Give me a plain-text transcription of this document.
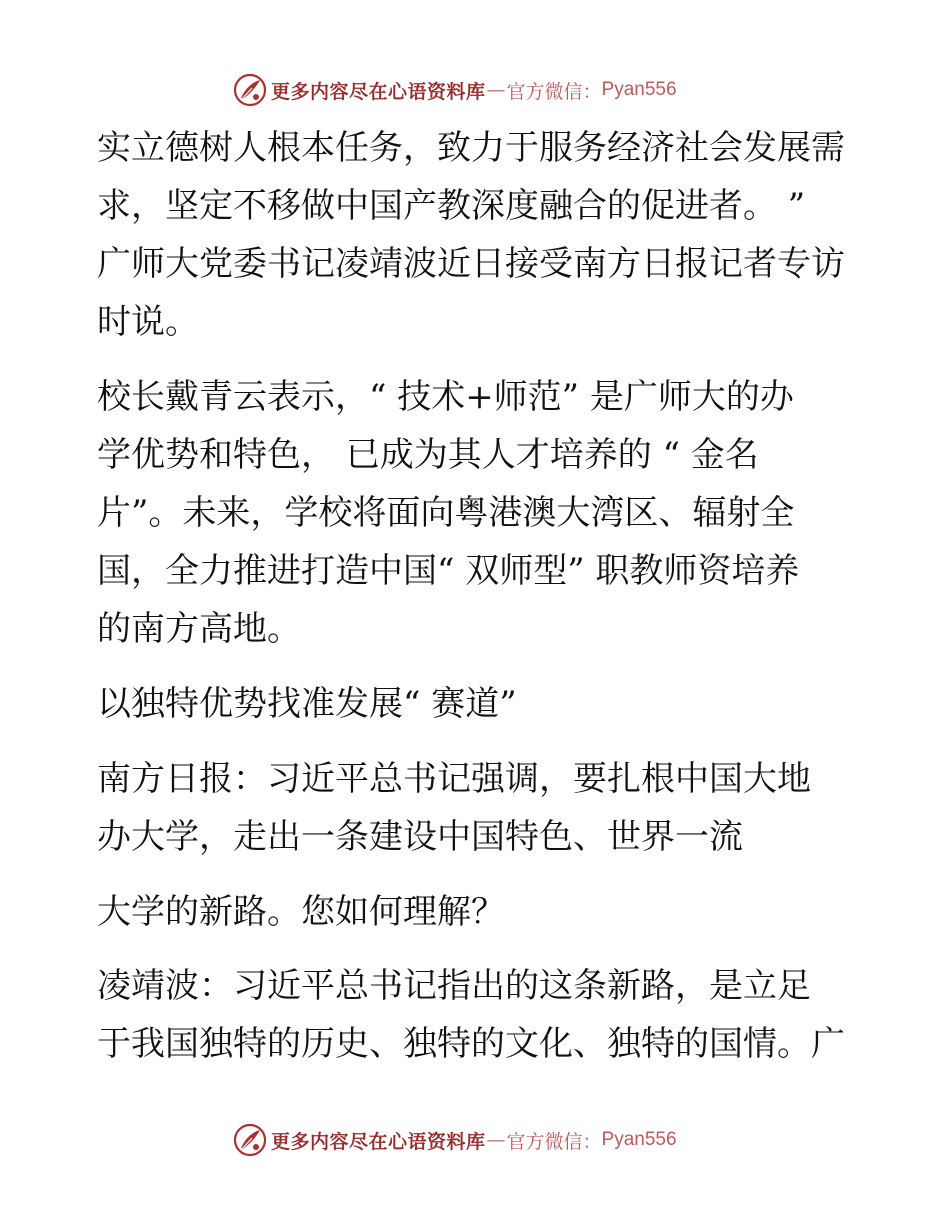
更多内容尽在心语资料库 — 官方微信： Pyan556
实立德树人根本任务，致力于服务经济社会发展需
求，坚定不移做中国产教深度融合的促进者。 ”
广师大党委书记凌靖波近日接受南方日报记者专访
时说。
校长戴青云表示，“ 技术+师范” 是广师大的办
学优势和特色， 已成为其人才培养的 “ 金名
片”。未来，学校将面向粤港澳大湾区、辐射全
国，全力推进打造中国“ 双师型” 职教师资培养
的南方高地。
以独特优势找准发展“ 赛道”
南方日报：习近平总书记强调，要扎根中国大地
办大学，走出一条建设中国特色、世界一流
大学的新路。您如何理解？
凌靖波：习近平总书记指出的这条新路，是立足
于我国独特的历史、独特的文化、独特的国情。广
更多内容尽在心语资料库 — 官方微信： Pyan556
